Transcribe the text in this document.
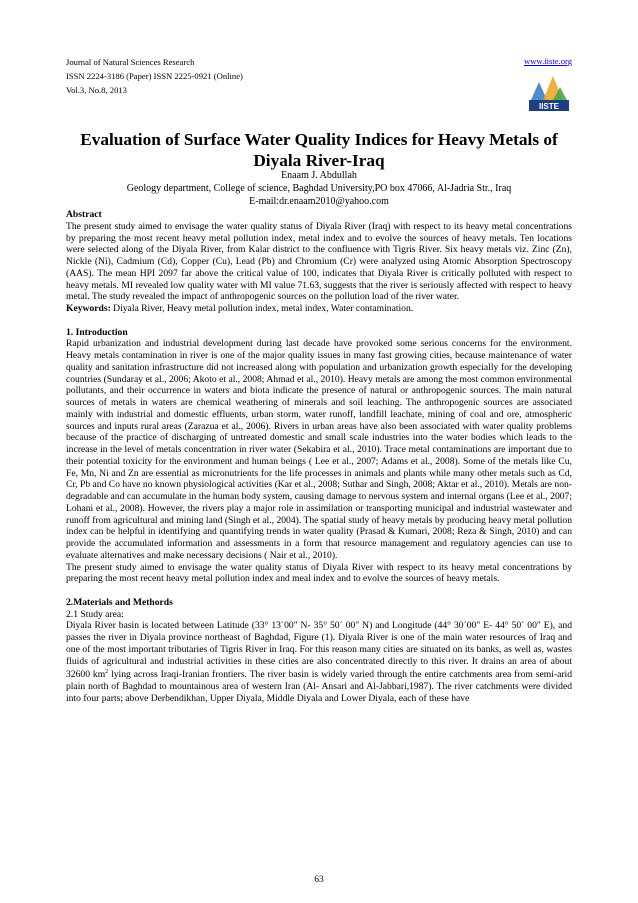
Journal of Natural Sciences Research
ISSN 2224-3186 (Paper) ISSN 2225-0921 (Online)
Vol.3, No.8, 2013
www.iiste.org
IISTE
Evaluation of Surface Water Quality Indices for Heavy Metals of Diyala River-Iraq
Enaam J. Abdullah
Geology department, College of science, Baghdad University,PO box 47066, Al-Jadria Str., Iraq
E-mail:dr.enaam2010@yahoo.com

Abstract

The present study aimed to envisage the water quality status of Diyala River (Iraq) with respect to its heavy metal concentrations by preparing the most recent heavy metal pollution index, metal index and to evolve the sources of heavy metals. Ten locations were selected along of the Diyala River, from Kalar district to the confluence with Tigris River. Six heavy metals viz. Zinc (Zn), Nickle (Ni), Cadmium (Cd), Copper (Cu), Lead (Pb) and Chromium (Cr) were analyzed using Atomic Absorption Spectroscopy (AAS). The mean HPI 2097 far above the critical value of 100, indicates that Diyala River is critically polluted with respect to heavy metals. MI revealed low quality water with MI value 71.63, suggests that the river is seriously affected with respect to heavy metal. The study revealed the impact of anthropogenic sources on the pollution load of the river water.

Keywords: Diyala River, Heavy metal pollution index, metal index, Water contamination.

1. Introduction

Rapid urbanization and industrial development during last decade have provoked some serious concerns for the environment. Heavy metals contamination in river is one of the major quality issues in many fast growing cities, because maintenance of water quality and sanitation infrastructure did not increased along with population and urbanization growth especially for the developing countries (Sundaray et al., 2006; Akoto et al., 2008; Ahmad et al., 2010). Heavy metals are among the most common environmental pollutants, and their occurrence in waters and biota indicate the presence of natural or anthropogenic sources. The main natural sources of metals in waters are chemical weathering of minerals and soil leaching. The anthropogenic sources are associated mainly with industrial and domestic effluents, urban storm, water runoff, landfill leachate, mining of coal and ore, atmospheric sources and inputs rural areas (Zarazua et al., 2006). Rivers in urban areas have also been associated with water quality problems because of the practice of discharging of untreated domestic and small scale industries into the water bodies which leads to the increase in the level of metals concentration in river water (Sekabira et al., 2010). Trace metal contaminations are important due to their potential toxicity for the environment and human beings ( Lee et al., 2007; Adams et al., 2008). Some of the metals like Cu, Fe, Mn, Ni and Zn are essential as micronutrients for the life processes in animals and plants while many other metals such as Cd, Cr, Pb and Co have no known physiological activities (Kar et al., 2008; Suthar and Singh, 2008; Aktar et al., 2010). Metals are non-degradable and can accumulate in the human body system, causing damage to nervous system and internal organs (Lee et al., 2007; Lohani et al., 2008). However, the rivers play a major role in assimilation or transporting municipal and industrial wastewater and runoff from agricultural and mining land (Singh et al., 2004). The spatial study of heavy metals by producing heavy metal pollution index can be helpful in identifying and quantifying trends in water quality (Prasad & Kumari, 2008; Reza & Singh, 2010) and can provide the accumulated information and assessments in a form that resource management and regulatory agencies can use to evaluate alternatives and make necessary decisions ( Nair et al., 2010).

The present study aimed to envisage the water quality status of Diyala River with respect to its heavy metal concentrations by preparing the most recent heavy metal pollution index and meal index and to evolve the sources of heavy metals.

2.Materials and Methords

2.1 Study area:

Diyala River basin is located between Latitude (33° 13´00" N- 35° 50´ 00" N) and Longitude (44° 30´00" E- 44° 50´ 00" E), and passes the river in Diyala province northeast of Baghdad, Figure (1). Diyala River is one of the main water resources of Iraq and one of the most important tributaries of Tigris River in Iraq. For this reason many cities are situated on its banks, as well as, wastes fluids of agricultural and industrial activities in these cities are also concentrated directly to this river. It drains an area of about 32600 $km^2$ lying across Iraqi-Iranian frontiers. The river basin is widely varied through the entire catchments area from semi-arid plain north of Baghdad to mountainous area of western Iran (Al- Ansari and Al-Jabbari,1987). The river catchments were divided into four parts; above Derbendikhan, Upper Diyala, Middle Diyala and Lower Diyala, each of these have

63
